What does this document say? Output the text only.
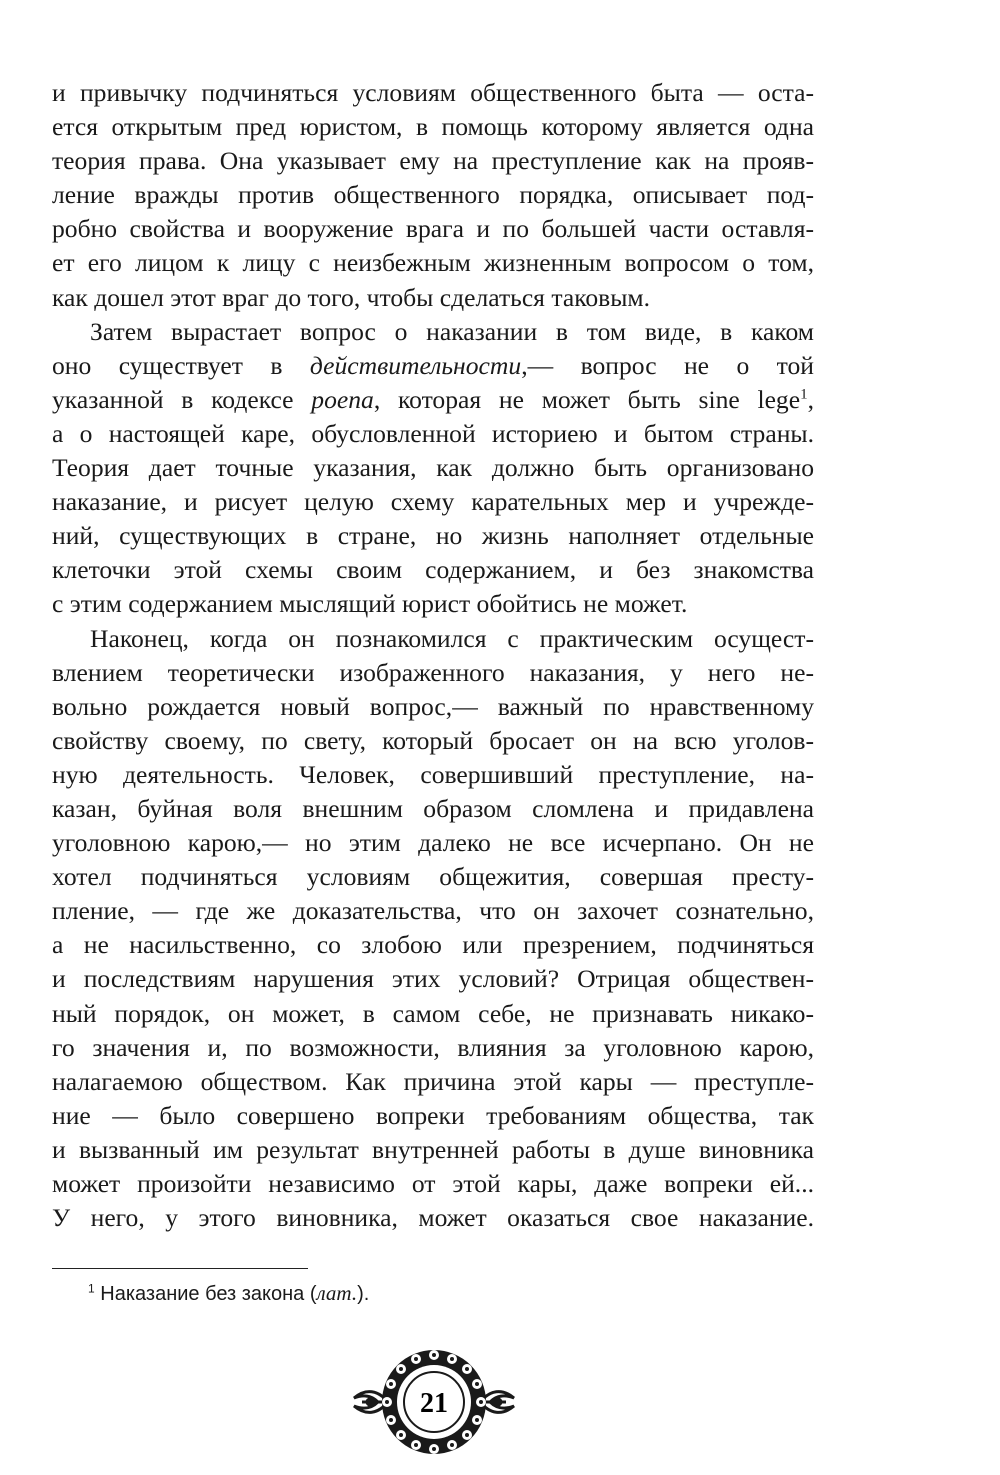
и привычку подчиняться условиям общественного быта — оста-
ется открытым пред юристом, в помощь которому является одна
теория права. Она указывает ему на преступление как на прояв-
ление вражды против общественного порядка, описывает под-
робно свойства и вооружение врага и по большей части оставля-
ет его лицом к лицу с неизбежным жизненным вопросом о том,
как дошел этот враг до того, чтобы сделаться таковым.
Затем вырастает вопрос о наказании в том виде, в каком
оно существует в действительности,— вопрос не о той
указанной в кодексе poena, которая не может быть sine lege$^1$,
а о настоящей каре, обусловленной историею и бытом страны.
Теория дает точные указания, как должно быть организовано
наказание, и рисует целую схему карательных мер и учрежде-
ний, существующих в стране, но жизнь наполняет отдельные
клеточки этой схемы своим содержанием, и без знакомства
с этим содержанием мыслящий юрист обойтись не может.
Наконец, когда он познакомился с практическим осущест-
влением теоретически изображенного наказания, у него не-
вольно рождается новый вопрос,— важный по нравственному
свойству своему, по свету, который бросает он на всю уголов-
ную деятельность. Человек, совершивший преступление, на-
казан, буйная воля внешним образом сломлена и придавлена
уголовною карою,— но этим далеко не все исчерпано. Он не
хотел подчиняться условиям общежития, совершая престу-
пление, — где же доказательства, что он захочет сознательно,
а не насильственно, со злобою или презрением, подчиняться
и последствиям нарушения этих условий? Отрицая обществен-
ный порядок, он может, в самом себе, не признавать никако-
го значения и, по возможности, влияния за уголовною карою,
налагаемою обществом. Как причина этой кары — преступле-
ние — было совершено вопреки требованиям общества, так
и вызванный им результат внутренней работы в душе виновника
может произойти независимо от этой кары, даже вопреки ей...
У него, у этого виновника, может оказаться свое наказание.
$^1$ Наказание без закона (лат.).
21
